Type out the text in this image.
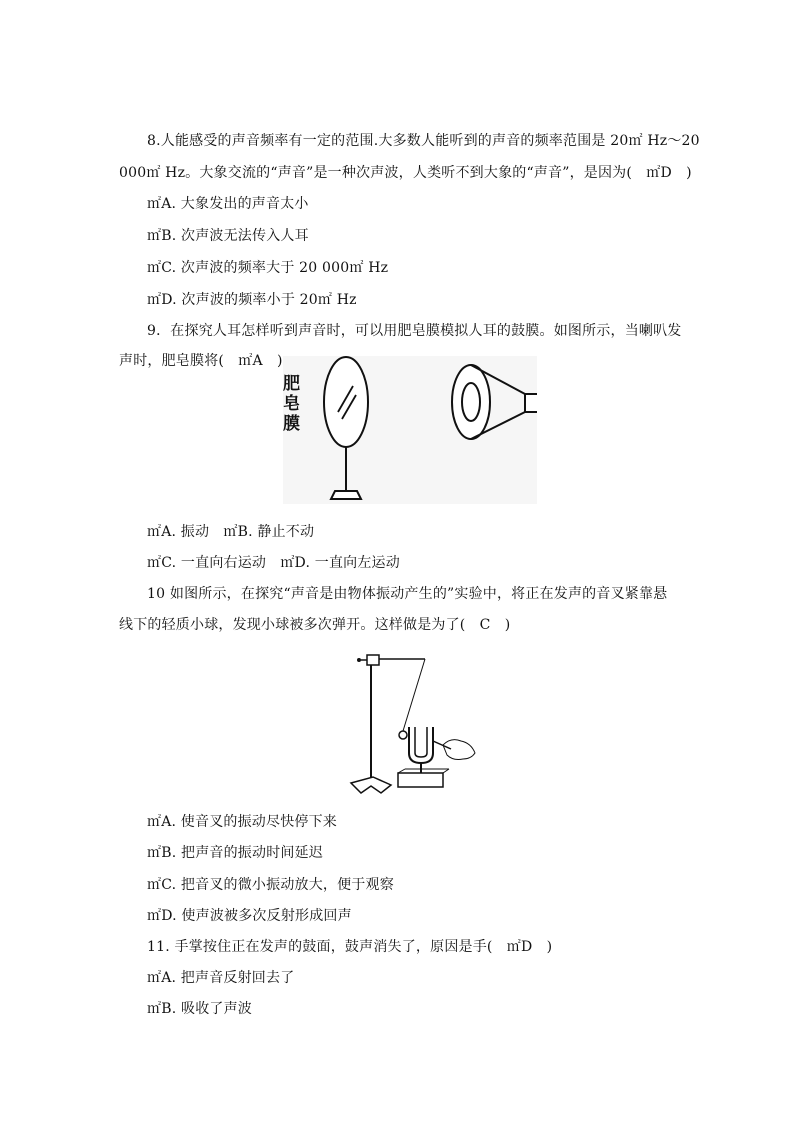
8.人能感受的声音频率有一定的范围.大多数人能听到的声音的频率范围是 20㎡ Hz～20
000㎡ Hz。大象交流的“声音”是一种次声波，人类听不到大象的“声音”，是因为(　㎡D　)
㎡A. 大象发出的声音太小
㎡B. 次声波无法传入人耳
㎡C. 次声波的频率大于 20 000㎡ Hz
㎡D. 次声波的频率小于 20㎡ Hz
9．在探究人耳怎样听到声音时，可以用肥皂膜模拟人耳的鼓膜。如图所示，当喇叭发
声时，肥皂膜将(　㎡A　)
肥皂膜
㎡A. 振动　㎡B. 静止不动
㎡C. 一直向右运动　㎡D. 一直向左运动
10 如图所示，在探究“声音是由物体振动产生的”实验中，将正在发声的音叉紧靠悬
线下的轻质小球，发现小球被多次弹开。这样做是为了(　C　)
㎡A. 使音叉的振动尽快停下来
㎡B. 把声音的振动时间延迟
㎡C. 把音叉的微小振动放大，便于观察
㎡D. 使声波被多次反射形成回声
11. 手掌按住正在发声的鼓面，鼓声消失了，原因是手(　㎡D　)
㎡A. 把声音反射回去了
㎡B. 吸收了声波
